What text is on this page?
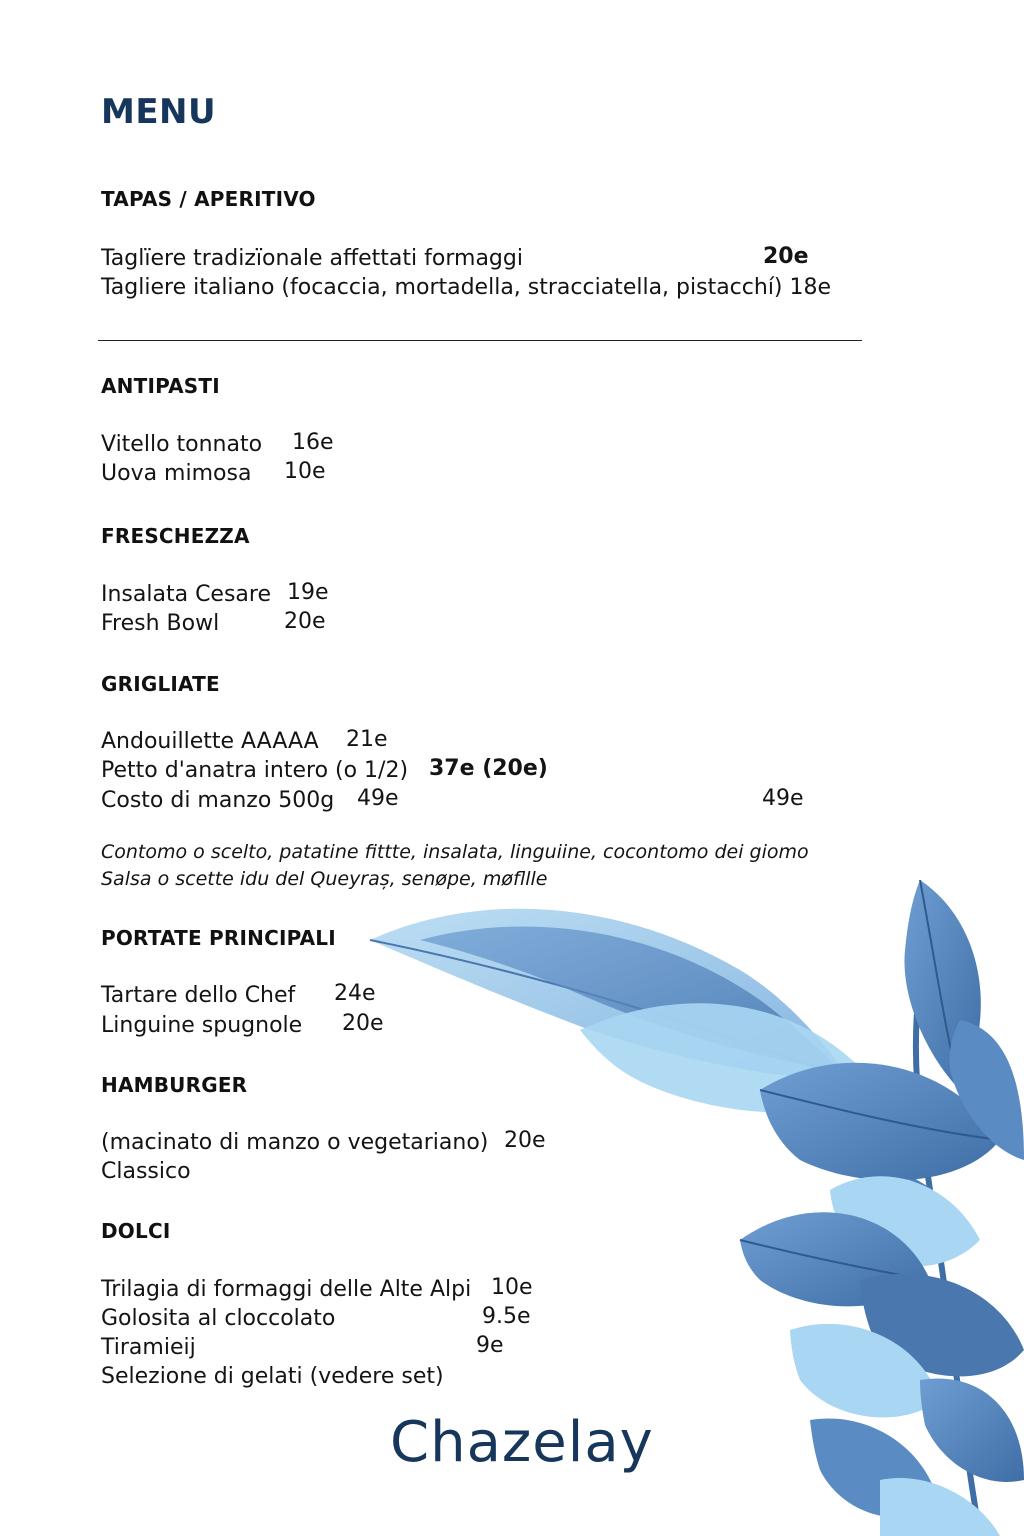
MENU
TAPAS / APERITIVO
Taglïere tradizïonale affettati formaggi	20e
Tagliere italiano (focaccia, mortadella, stracciatella, pistacchí) 18e
ANTIPASTI
Vitello tonnato 16e
Uova mimosa 10e
FRESCHEZZA
Insalata Cesare 19e
Fresh Bowl	20e
GRIGLIATE
Andouillette AAAAA 21e
Petto d'anatra intero (o 1/2) 37e (20e)
Costo di manzo 500g 49e	49e
Contomo o scelto, patatine fittte, insalata, linguiine, cocontomo dei giomo
Salsa o scette idu del Queyraș, senøpe, møfllle
PORTATE PRINCIPALI
Tartare dello Chef 24e
Linguine spugnole 20e
HAMBURGER
(macinato di manzo o vegetariano) 20e
Classico
DOLCI
Trilagia di formaggi delle Alte Alpi 10e
Golosita al cloccolato	9.5e
Tiramieij	9e
Selezione di gelati (vedere set)
Chazelay
